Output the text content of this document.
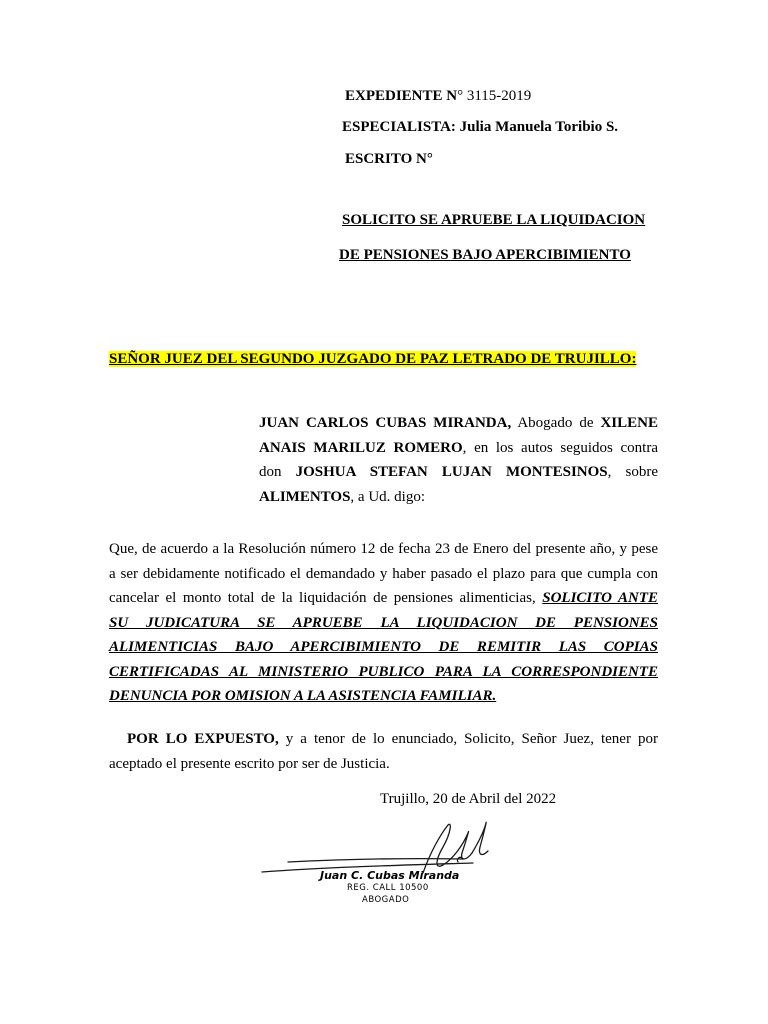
EXPEDIENTE N° 3115-2019
ESPECIALISTA: Julia Manuela Toribio S.
ESCRITO N°
SOLICITO SE APRUEBE LA LIQUIDACION
DE PENSIONES BAJO APERCIBIMIENTO
SEÑOR JUEZ DEL SEGUNDO JUZGADO DE PAZ LETRADO DE TRUJILLO:
JUAN CARLOS CUBAS MIRANDA, Abogado de XILENE
ANAIS MARILUZ ROMERO, en los autos seguidos contra
don JOSHUA STEFAN LUJAN MONTESINOS, sobre
ALIMENTOS, a Ud. digo:
Que, de acuerdo a la Resolución número 12 de fecha 23 de Enero del presente año, y pese
a ser debidamente notificado el demandado y haber pasado el plazo para que cumpla con
cancelar el monto total de la liquidación de pensiones alimenticias, SOLICITO ANTE
SU JUDICATURA SE APRUEBE LA LIQUIDACION DE PENSIONES
ALIMENTICIAS BAJO APERCIBIMIENTO DE REMITIR LAS COPIAS
CERTIFICADAS AL MINISTERIO PUBLICO PARA LA CORRESPONDIENTE
DENUNCIA POR OMISION A LA ASISTENCIA FAMILIAR.
POR LO EXPUESTO, y a tenor de lo enunciado, Solicito, Señor Juez, tener por
aceptado el presente escrito por ser de Justicia.
Trujillo, 20 de Abril del 2022
Juan C. Cubas Miranda
REG. CALL 10500
ABOGADO
